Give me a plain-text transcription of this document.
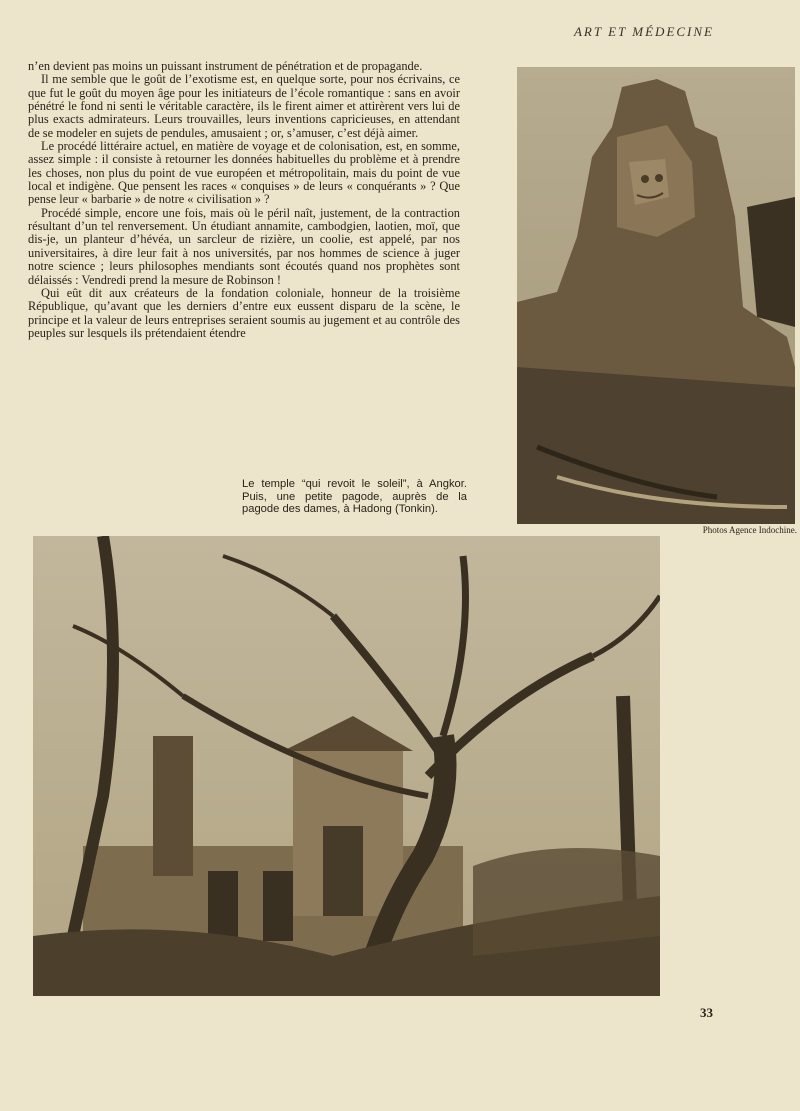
ART ET MÉDECINE

n’en devient pas moins un puissant instrument de pénétration et de propagande.

Il me semble que le goût de l’exotisme est, en quelque sorte, pour nos écrivains, ce que fut le goût du moyen âge pour les initiateurs de l’école romantique : sans en avoir pénétré le fond ni senti le véritable caractère, ils le firent aimer et attirèrent vers lui de plus exacts admirateurs. Leurs trouvailles, leurs inventions capricieuses, en attendant de se modeler en sujets de pendules, amusaient ; or, s’amuser, c’est déjà aimer.

Le procédé littéraire actuel, en matière de voyage et de colonisation, est, en somme, assez simple : il consiste à retourner les données habituelles du problème et à prendre les choses, non plus du point de vue européen et métropolitain, mais du point de vue local et indigène. Que pensent les races « conquises » de leurs « conquérants » ? Que pense leur « barbarie » de notre « civilisation » ?

Procédé simple, encore une fois, mais où le péril naît, justement, de la contraction résultant d’un tel renversement. Un étudiant annamite, cambodgien, laotien, moï, que dis-je, un planteur d’hévéa, un sarcleur de rizière, un coolie, est appelé, par nos universitaires, à dire leur fait à nos universités, par nos hommes de science à juger notre science ; leurs philosophes mendiants sont écoutés quand nos prophètes sont délaissés : Vendredi prend la mesure de Robinson !

Qui eût dit aux créateurs de la fondation coloniale, honneur de la troisième République, qu’avant que les derniers d’entre eux eussent disparu de la scène, le principe et la valeur de leurs entreprises seraient soumis au jugement et au contrôle des peuples sur lesquels ils prétendaient étendre

Le temple “qui revoit le soleil”, à Angkor. Puis, une petite pagode, auprès de la pagode des dames, à Hadong (Tonkin).
Photos Agence Indochine.
33
